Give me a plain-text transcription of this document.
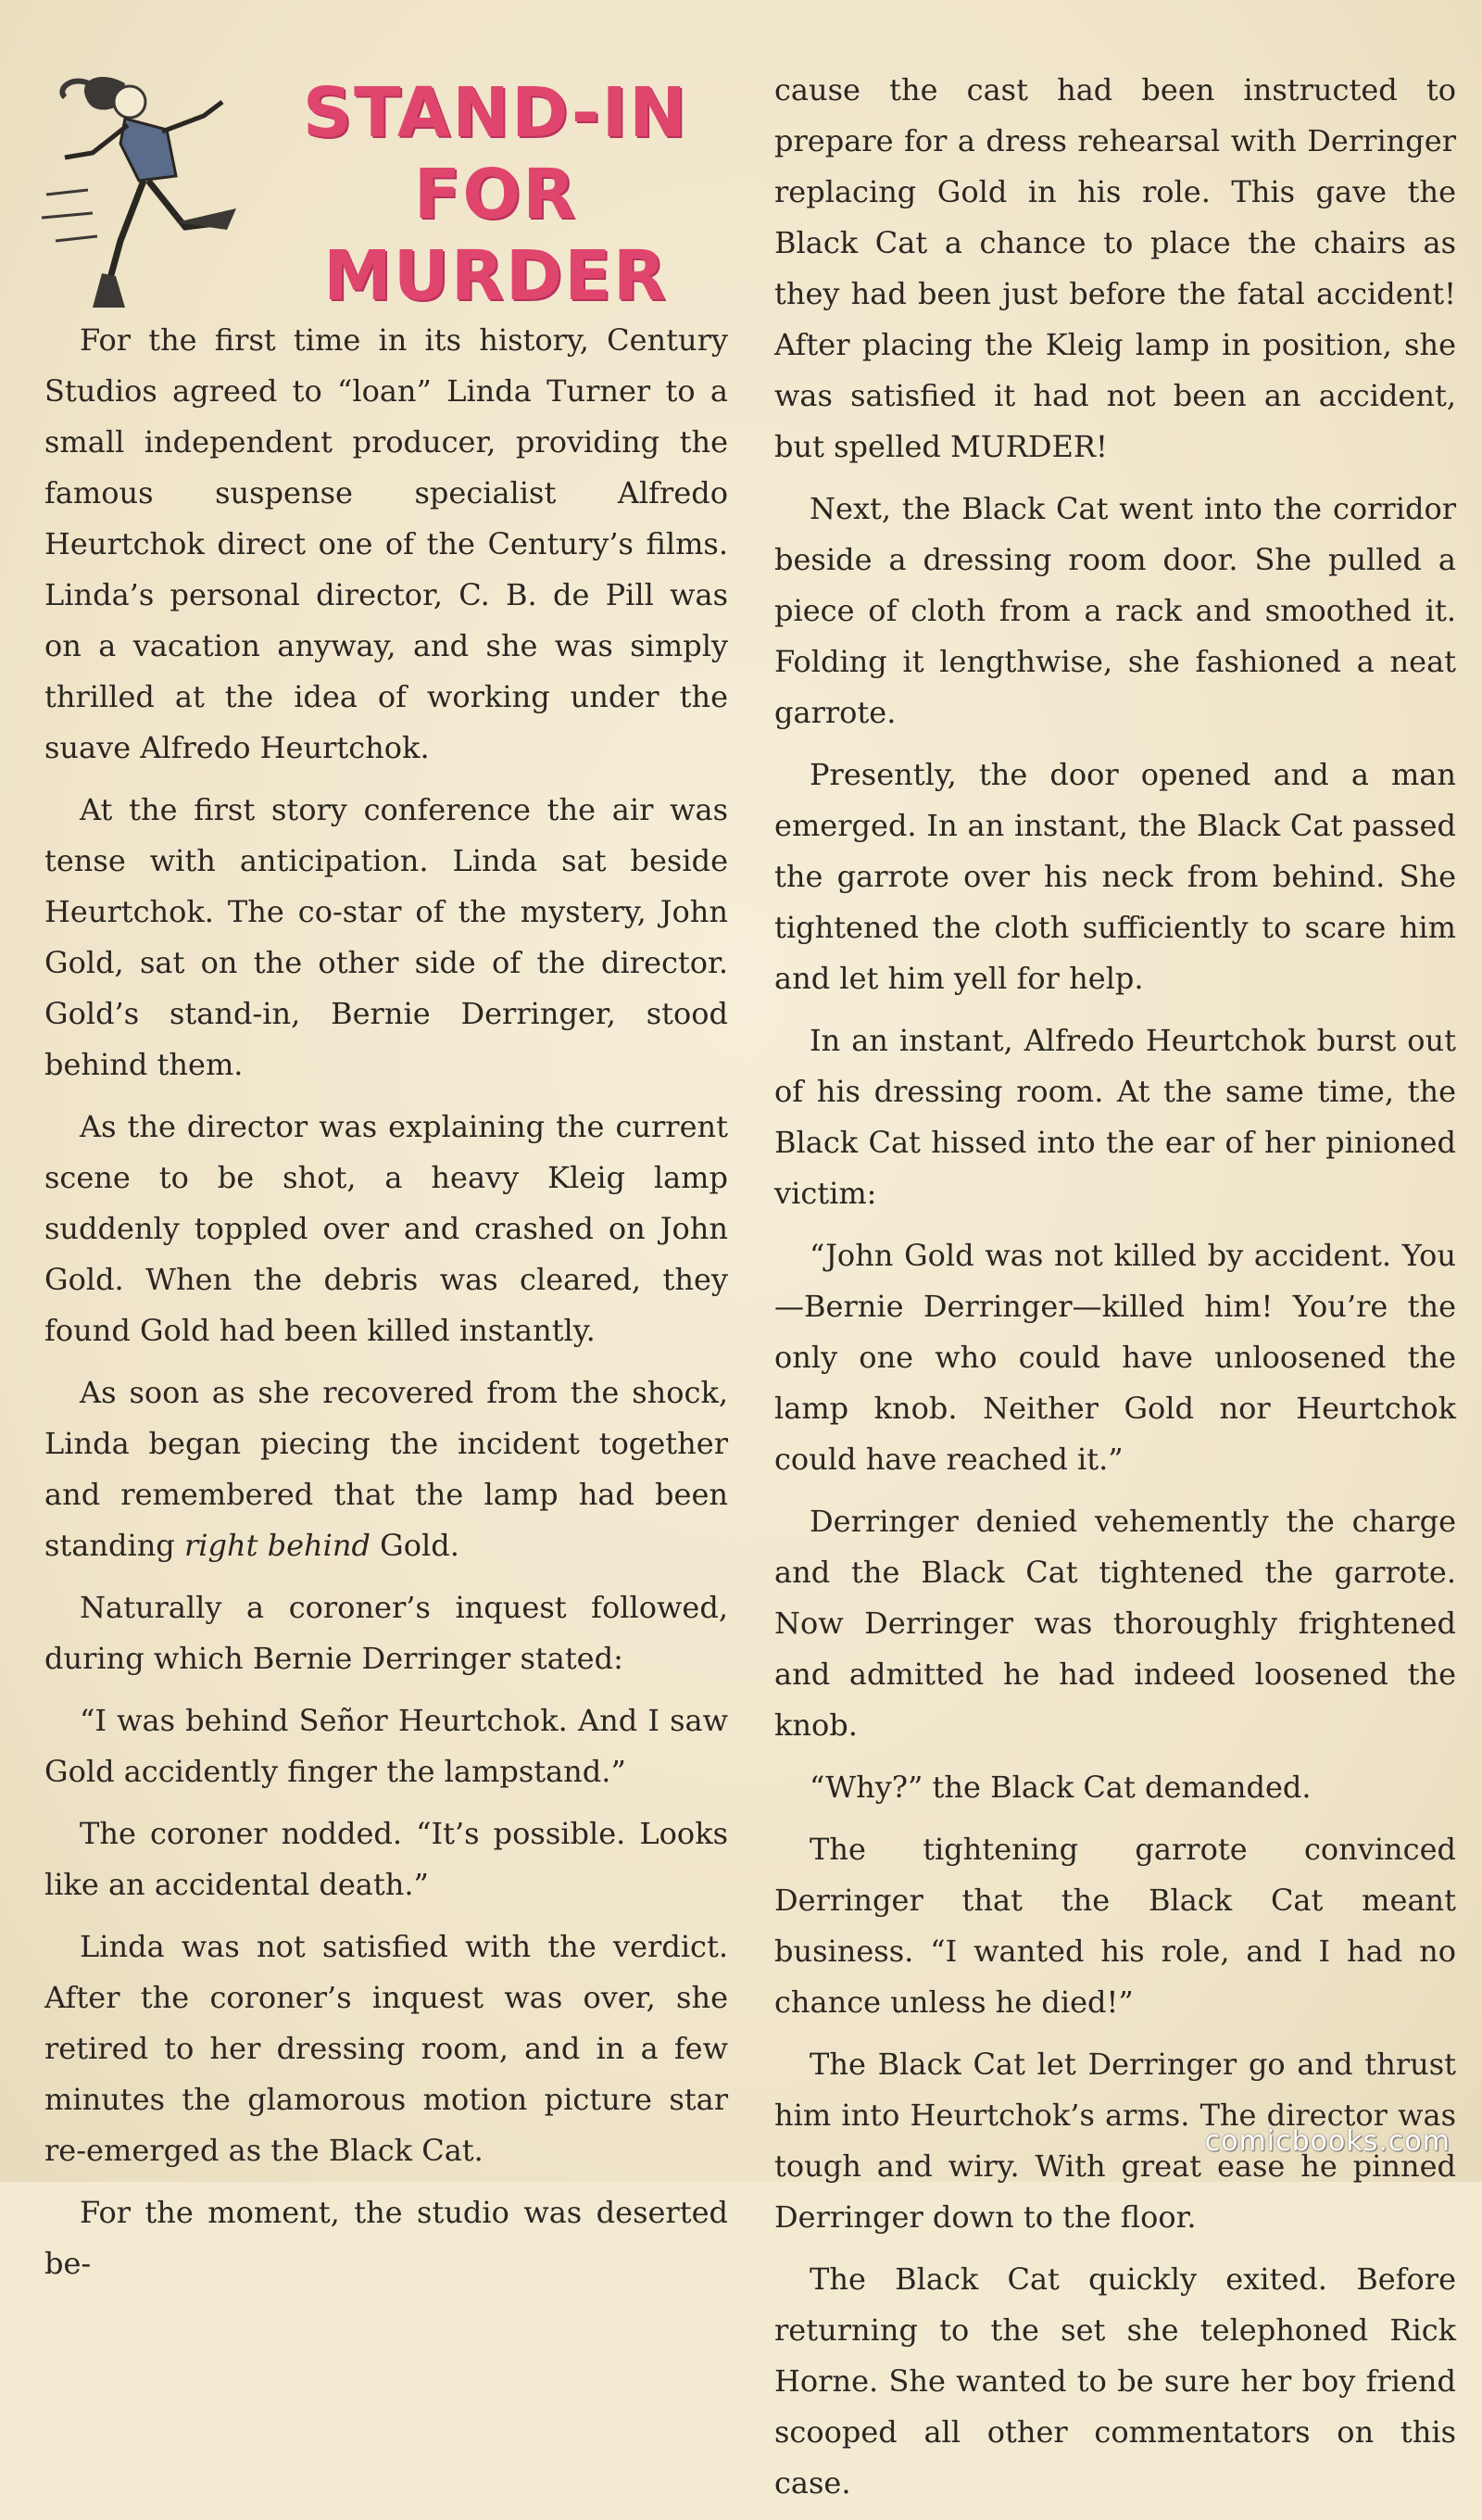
STAND-IN
FOR
MURDER

For the first time in its history, Century Studios agreed to “loan” Linda Turner to a small independent producer, providing the famous suspense specialist Alfredo Heurtchok direct one of the Century’s films. Linda’s personal director, C. B. de Pill was on a vacation anyway, and she was simply thrilled at the idea of working under the suave Alfredo Heurtchok.

At the first story conference the air was tense with anticipation. Linda sat beside Heurtchok. The co-star of the mystery, John Gold, sat on the other side of the director. Gold’s stand-in, Bernie Derringer, stood behind them.

As the director was explaining the current scene to be shot, a heavy Kleig lamp suddenly toppled over and crashed on John Gold. When the debris was cleared, they found Gold had been killed instantly.

As soon as she recovered from the shock, Linda began piecing the incident together and remembered that the lamp had been standing right behind Gold.

Naturally a coroner’s inquest followed, during which Bernie Derringer stated:

“I was behind Señor Heurtchok. And I saw Gold accidently finger the lampstand.”

The coroner nodded. “It’s possible. Looks like an accidental death.”

Linda was not satisfied with the verdict. After the coroner’s inquest was over, she retired to her dressing room, and in a few minutes the glamorous motion picture star re-emerged as the Black Cat.

For the moment, the studio was deserted be-

cause the cast had been instructed to prepare for a dress rehearsal with Derringer replacing Gold in his role. This gave the Black Cat a chance to place the chairs as they had been just before the fatal accident! After placing the Kleig lamp in position, she was satisfied it had not been an accident, but spelled MURDER!

Next, the Black Cat went into the corridor beside a dressing room door. She pulled a piece of cloth from a rack and smoothed it. Folding it lengthwise, she fashioned a neat garrote.

Presently, the door opened and a man emerged. In an instant, the Black Cat passed the garrote over his neck from behind. She tightened the cloth sufficiently to scare him and let him yell for help.

In an instant, Alfredo Heurtchok burst out of his dressing room. At the same time, the Black Cat hissed into the ear of her pinioned victim:

“John Gold was not killed by accident. You—Bernie Derringer—killed him! You’re the only one who could have unloosened the lamp knob. Neither Gold nor Heurtchok could have reached it.”

Derringer denied vehemently the charge and the Black Cat tightened the garrote. Now Derringer was thoroughly frightened and admitted he had indeed loosened the knob.

“Why?” the Black Cat demanded.

The tightening garrote convinced Derringer that the Black Cat meant business. “I wanted his role, and I had no chance unless he died!”

The Black Cat let Derringer go and thrust him into Heurtchok’s arms. The director was tough and wiry. With great ease he pinned Derringer down to the floor.

The Black Cat quickly exited. Before returning to the set she telephoned Rick Horne. She wanted to be sure her boy friend scooped all other commentators on this case.

comicbooks.com
